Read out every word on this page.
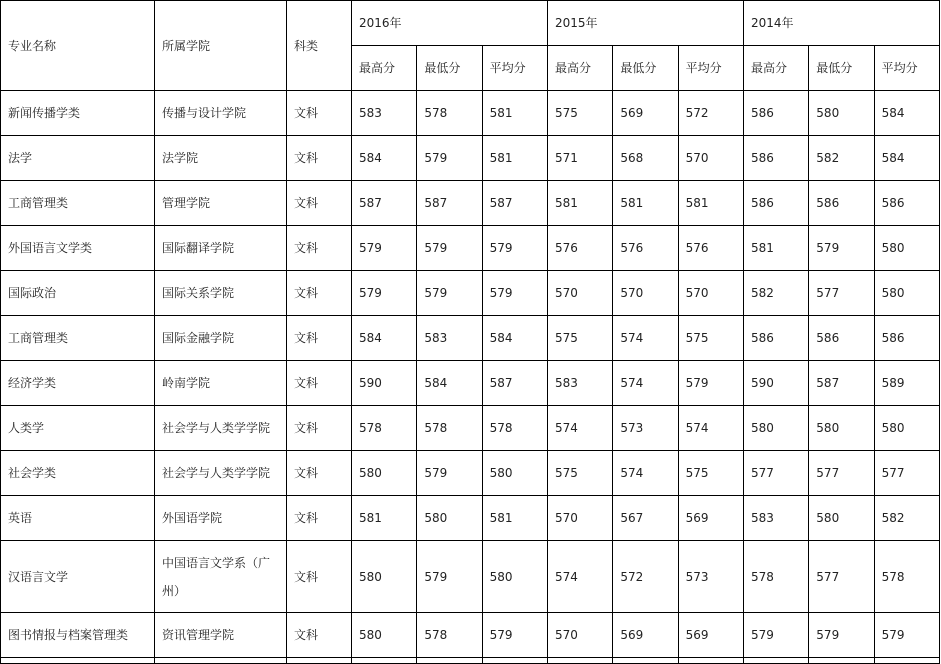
专业名称	所属学院	科类	2016年			2015年			2014年		
			最高分	最低分	平均分	最高分	最低分	平均分	最高分	最低分	平均分
新闻传播学类	传播与设计学院	文科	583	578	581	575	569	572	586	580	584
法学	法学院	文科	584	579	581	571	568	570	586	582	584
工商管理类	管理学院	文科	587	587	587	581	581	581	586	586	586
外国语言文学类	国际翻译学院	文科	579	579	579	576	576	576	581	579	580
国际政治	国际关系学院	文科	579	579	579	570	570	570	582	577	580
工商管理类	国际金融学院	文科	584	583	584	575	574	575	586	586	586
经济学类	岭南学院	文科	590	584	587	583	574	579	590	587	589
人类学	社会学与人类学学院	文科	578	578	578	574	573	574	580	580	580
社会学类	社会学与人类学学院	文科	580	579	580	575	574	575	577	577	577
英语	外国语学院	文科	581	580	581	570	567	569	583	580	582
汉语言文学	中国语言文学系（广州）	文科	580	579	580	574	572	573	578	577	578
图书情报与档案管理类	资讯管理学院	文科	580	578	579	570	569	569	579	579	579
